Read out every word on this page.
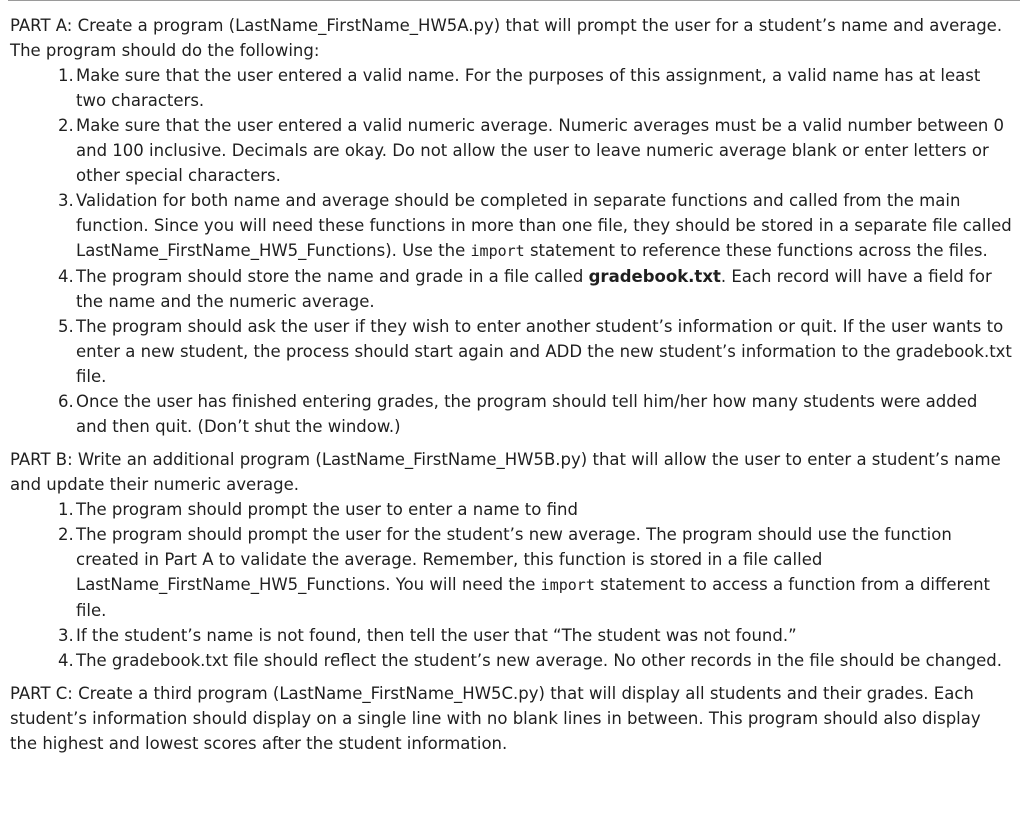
PART A: Create a program (LastName_FirstName_HW5A.py) that will prompt the user for a student’s name and average. The program should do the following:

1. Make sure that the user entered a valid name. For the purposes of this assignment, a valid name has at least two characters.
2. Make sure that the user entered a valid numeric average. Numeric averages must be a valid number between 0 and 100 inclusive. Decimals are okay. Do not allow the user to leave numeric average blank or enter letters or other special characters.
3. Validation for both name and average should be completed in separate functions and called from the main function. Since you will need these functions in more than one file, they should be stored in a separate file called LastName_FirstName_HW5_Functions). Use the import statement to reference these functions across the files.
4. The program should store the name and grade in a file called gradebook.txt. Each record will have a field for the name and the numeric average.
5. The program should ask the user if they wish to enter another student’s information or quit. If the user wants to enter a new student, the process should start again and ADD the new student’s information to the gradebook.txt file.
6. Once the user has finished entering grades, the program should tell him/her how many students were added and then quit. (Don’t shut the window.)

PART B: Write an additional program (LastName_FirstName_HW5B.py) that will allow the user to enter a student’s name and update their numeric average.

1. The program should prompt the user to enter a name to find
2. The program should prompt the user for the student’s new average. The program should use the function created in Part A to validate the average. Remember, this function is stored in a file called LastName_FirstName_HW5_Functions. You will need the import statement to access a function from a different file.
3. If the student’s name is not found, then tell the user that “The student was not found.”
4. The gradebook.txt file should reflect the student’s new average. No other records in the file should be changed.

PART C: Create a third program (LastName_FirstName_HW5C.py) that will display all students and their grades. Each student’s information should display on a single line with no blank lines in between. This program should also display the highest and lowest scores after the student information.
